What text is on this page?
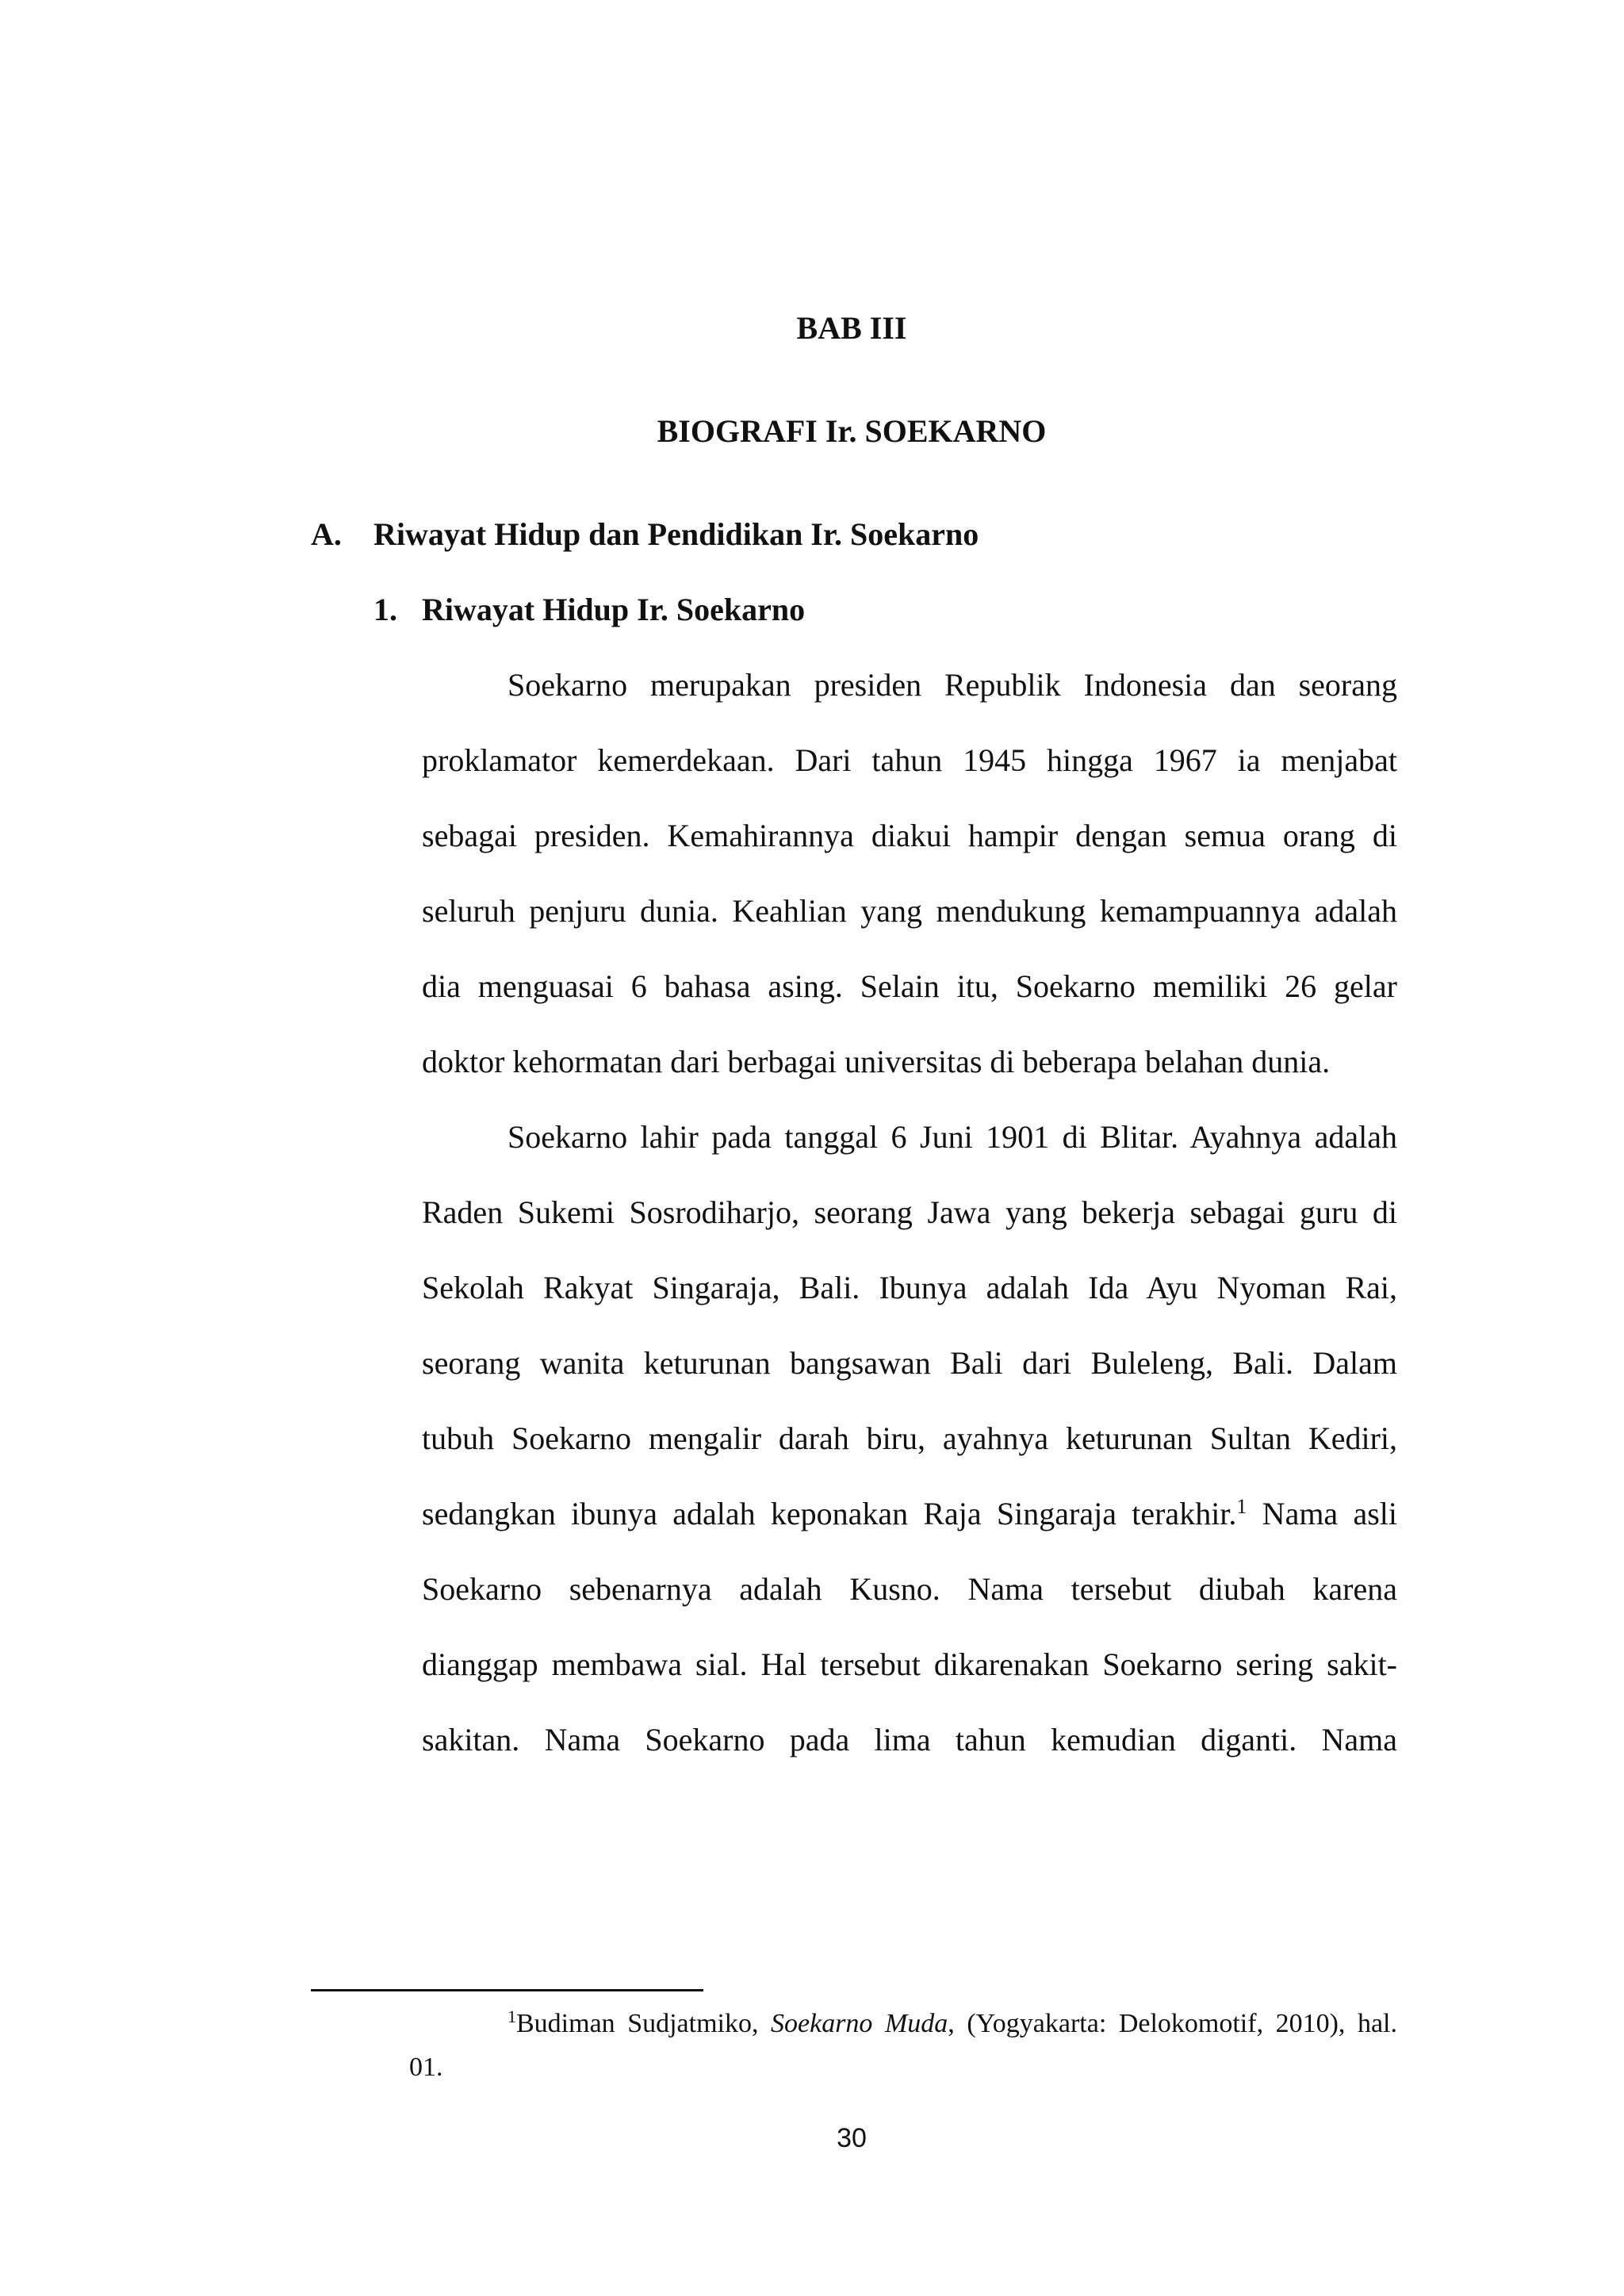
BAB III
BIOGRAFI Ir. SOEKARNO
A. Riwayat Hidup dan Pendidikan Ir. Soekarno
1. Riwayat Hidup Ir. Soekarno
Soekarno merupakan presiden Republik Indonesia dan seorang
proklamator kemerdekaan. Dari tahun 1945 hingga 1967 ia menjabat
sebagai presiden. Kemahirannya diakui hampir dengan semua orang di
seluruh penjuru dunia. Keahlian yang mendukung kemampuannya adalah
dia menguasai 6 bahasa asing. Selain itu, Soekarno memiliki 26 gelar
doktor kehormatan dari berbagai universitas di beberapa belahan dunia.
Soekarno lahir pada tanggal 6 Juni 1901 di Blitar. Ayahnya adalah
Raden Sukemi Sosrodiharjo, seorang Jawa yang bekerja sebagai guru di
Sekolah Rakyat Singaraja, Bali. Ibunya adalah Ida Ayu Nyoman Rai,
seorang wanita keturunan bangsawan Bali dari Buleleng, Bali. Dalam
tubuh Soekarno mengalir darah biru, ayahnya keturunan Sultan Kediri,
sedangkan ibunya adalah keponakan Raja Singaraja terakhir.$^1$ Nama asli
Soekarno sebenarnya adalah Kusno. Nama tersebut diubah karena
dianggap membawa sial. Hal tersebut dikarenakan Soekarno sering sakit-
sakitan. Nama Soekarno pada lima tahun kemudian diganti. Nama
$^1$Budiman Sudjatmiko, Soekarno Muda, (Yogyakarta: Delokomotif, 2010), hal.
01.
30
